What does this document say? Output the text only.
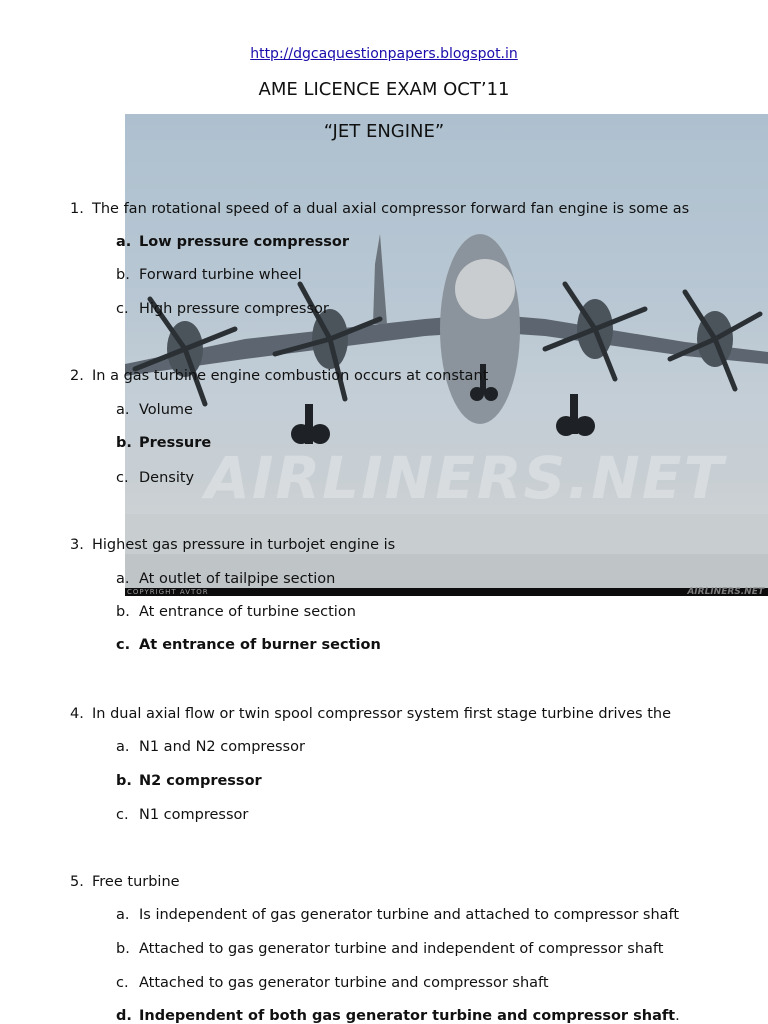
AIRLINERS.NET
COPYRIGHT AVTOR	AIRLINERS.NET
http://dgcaquestionpapers.blogspot.in
AME LICENCE EXAM OCT’11
“JET ENGINE”
1. The fan rotational speed of a dual axial compressor forward fan engine is some as
a. Low pressure compressor
b. Forward turbine wheel
c. High pressure compressor
2. In a gas turbine engine combustion occurs at constant
a. Volume
b. Pressure
c. Density
3. Highest gas pressure in turbojet engine is
a. At outlet of tailpipe section
b. At entrance of turbine section
c. At entrance of burner section
4. In dual axial flow or twin spool compressor system first stage turbine drives the
a. N1 and N2 compressor
b. N2 compressor
c. N1 compressor
5. Free turbine
a. Is independent of gas generator turbine and attached to compressor shaft
b. Attached to gas generator turbine and independent of compressor shaft
c. Attached to gas generator turbine and compressor shaft
d. Independent of both gas generator turbine and compressor shaft.
